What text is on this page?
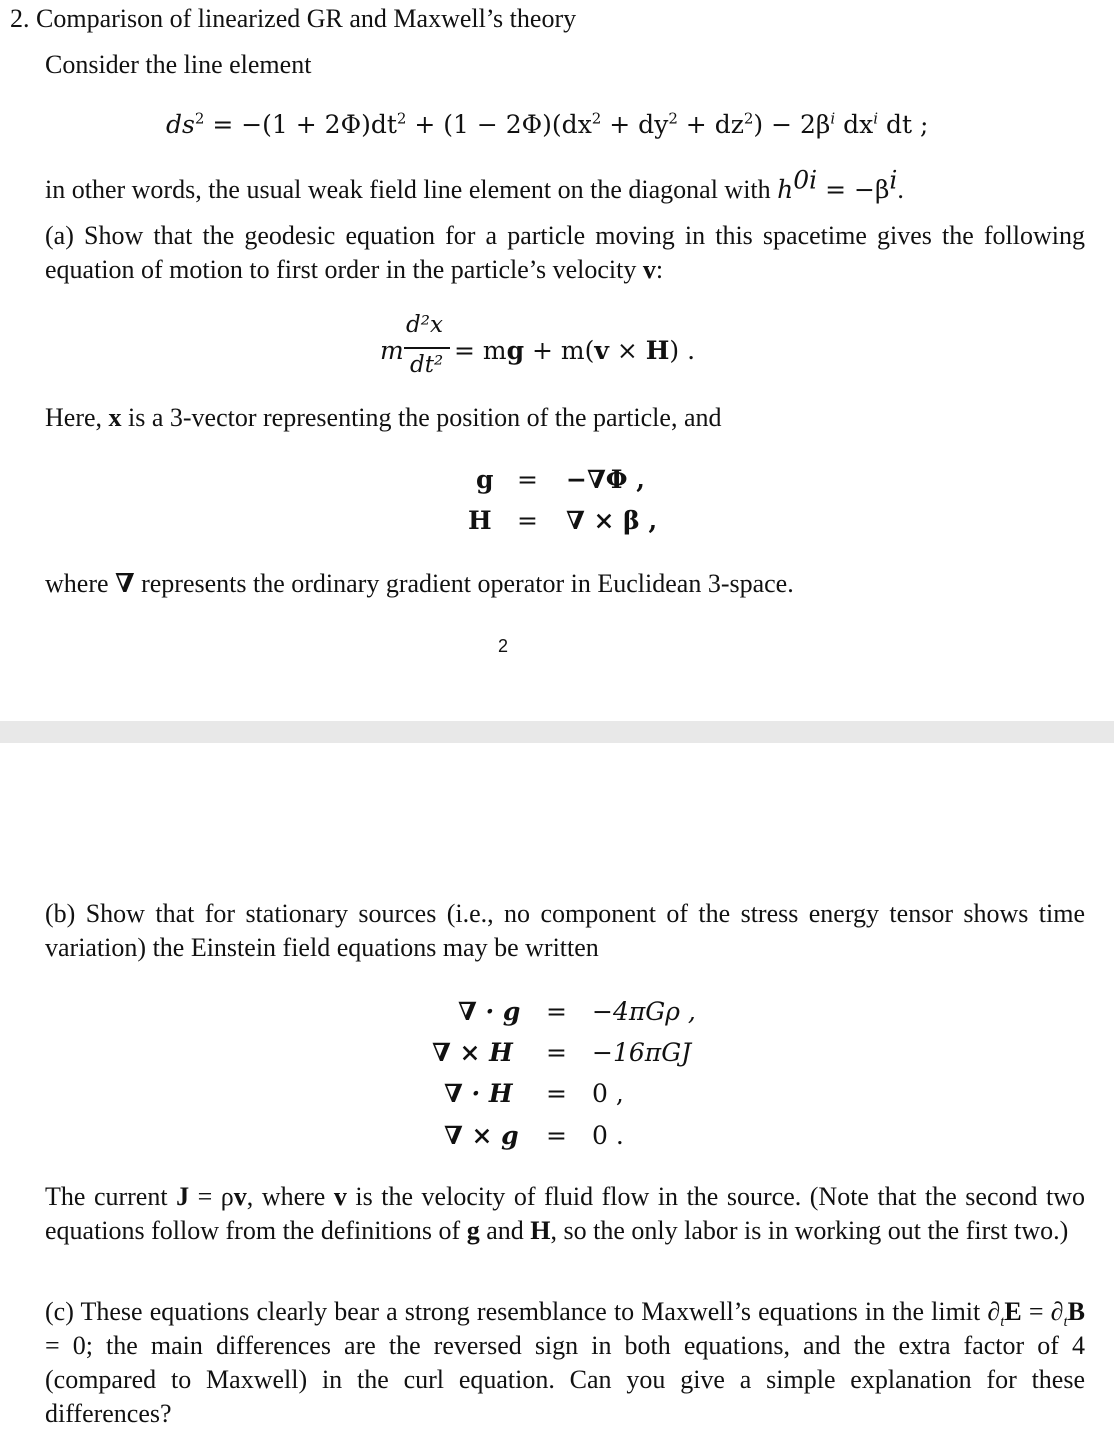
2. Comparison of linearized GR and Maxwell’s theory
Consider the line element
$ds^2 = -(1 + 2\Phi)dt^2 + (1 - 2\Phi)(dx^2 + dy^2 + dz^2) - 2\beta^i$ $dx^i$ dt ;
in other words, the usual weak field line element on the diagonal with $h^{0i} = -\beta^i$.
(a) Show that the geodesic equation for a particle moving in this spacetime gives the following equation of motion to first order in the particle’s velocity v:
m
d²x
dt² = mg + m(v × H) .
Here, x is a 3-vector representing the position of the particle, and
g = −∇Φ ,
H = ∇ × β ,
where ∇ represents the ordinary gradient operator in Euclidean 3-space.
2
(b) Show that for stationary sources (i.e., no component of the stress energy tensor shows time variation) the Einstein field equations may be written
∇ · g = −4πGρ ,
∇ × H = −16πGJ
∇ · H = 0 ,
∇ × g = 0 .
The current J = ρv, where v is the velocity of fluid flow in the source. (Note that the second two equations follow from the definitions of g and H, so the only labor is in working out the first two.)
(c) These equations clearly bear a strong resemblance to Maxwell’s equations in the limit $\partial_tE = \partial_tB = 0$; the main differences are the reversed sign in both equations, and the extra factor of 4 (compared to Maxwell) in the curl equation. Can you give a simple explanation for these differences?
